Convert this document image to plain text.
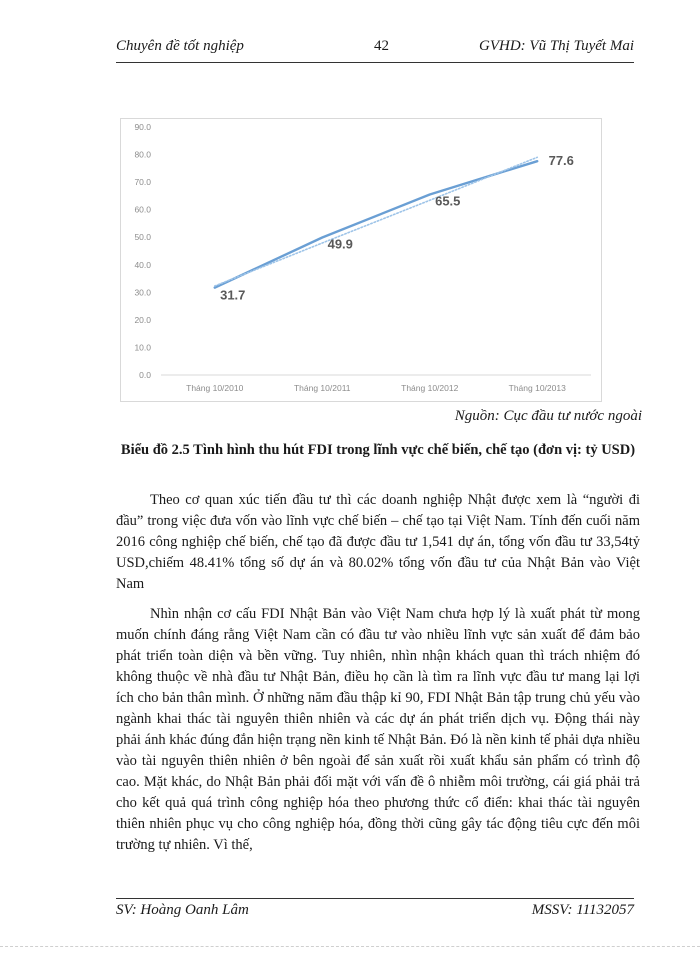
Chuyên đề tốt nghiệp	42	GVHD: Vũ Thị Tuyết Mai
0.0
10.0
20.0
30.0
40.0
50.0
60.0
70.0
80.0
90.0
Tháng 10/2010	Tháng 10/2011	Tháng 10/2012	Tháng 10/2013
31.7
49.9
65.5
77.6
Nguồn: Cục đầu tư nước ngoài
Biểu đồ 2.5 Tình hình thu hút FDI trong lĩnh vực chế biến, chế tạo (đơn vị: tỷ USD)

Theo cơ quan xúc tiến đầu tư thì các doanh nghiệp Nhật được xem là “người đi đầu” trong việc đưa vốn vào lĩnh vực chế biến – chế tạo tại Việt Nam. Tính đến cuối năm 2016 công nghiệp chế biến, chế tạo đã được đầu tư 1,541 dự án, tổng vốn đầu tư 33,54tỷ USD,chiếm 48.41% tổng số dự án và 80.02% tổng vốn đầu tư của Nhật Bản vào Việt Nam

Nhìn nhận cơ cấu FDI Nhật Bản vào Việt Nam chưa hợp lý là xuất phát từ mong muốn chính đáng rằng Việt Nam cần có đầu tư vào nhiều lĩnh vực sản xuất để đảm bảo phát triển toàn diện và bền vững. Tuy nhiên, nhìn nhận khách quan thì trách nhiệm đó không thuộc về nhà đầu tư Nhật Bản, điều họ cần là tìm ra lĩnh vực đầu tư mang lại lợi ích cho bản thân mình. Ở những năm đầu thập kỉ 90, FDI Nhật Bản tập trung chủ yếu vào ngành khai thác tài nguyên thiên nhiên và các dự án phát triển dịch vụ. Động thái này phải ánh khác đúng đắn hiện trạng nền kinh tế Nhật Bản. Đó là nền kinh tế phải dựa nhiều vào tài nguyên thiên nhiên ở bên ngoài để sản xuất rồi xuất khẩu sản phẩm có trình độ cao. Mặt khác, do Nhật Bản phải đối mặt với vấn đề ô nhiễm môi trường, cái giá phải trả cho kết quả quá trình công nghiệp hóa theo phương thức cổ điển: khai thác tài nguyên thiên nhiên phục vụ cho công nghiệp hóa, đồng thời cũng gây tác động tiêu cực đến môi trường tự nhiên. Vì thế,

SV: Hoàng Oanh Lâm	MSSV: 11132057
